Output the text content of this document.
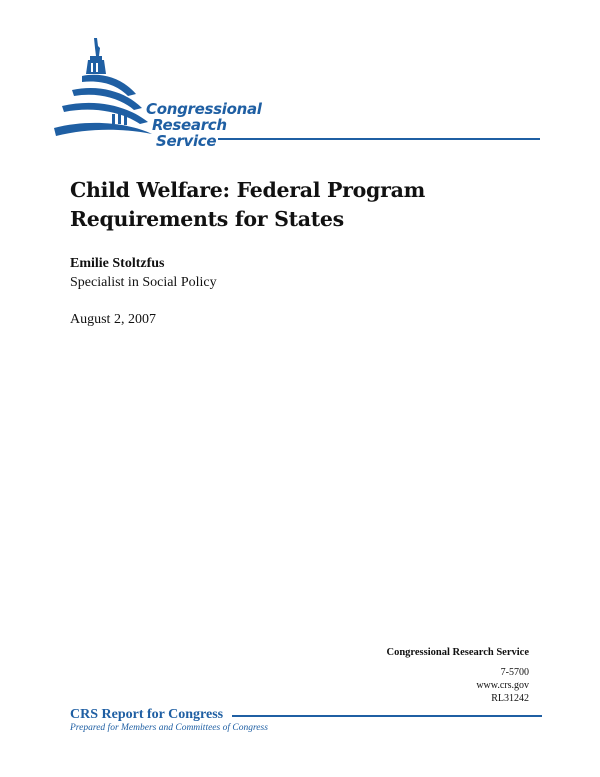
Congressional
Research
Service
Child Welfare: Federal Program Requirements for States
Emilie Stoltzfus
Specialist in Social Policy
August 2, 2007
Congressional Research Service
7-5700
www.crs.gov
RL31242
CRS Report for Congress
Prepared for Members and Committees of Congress
